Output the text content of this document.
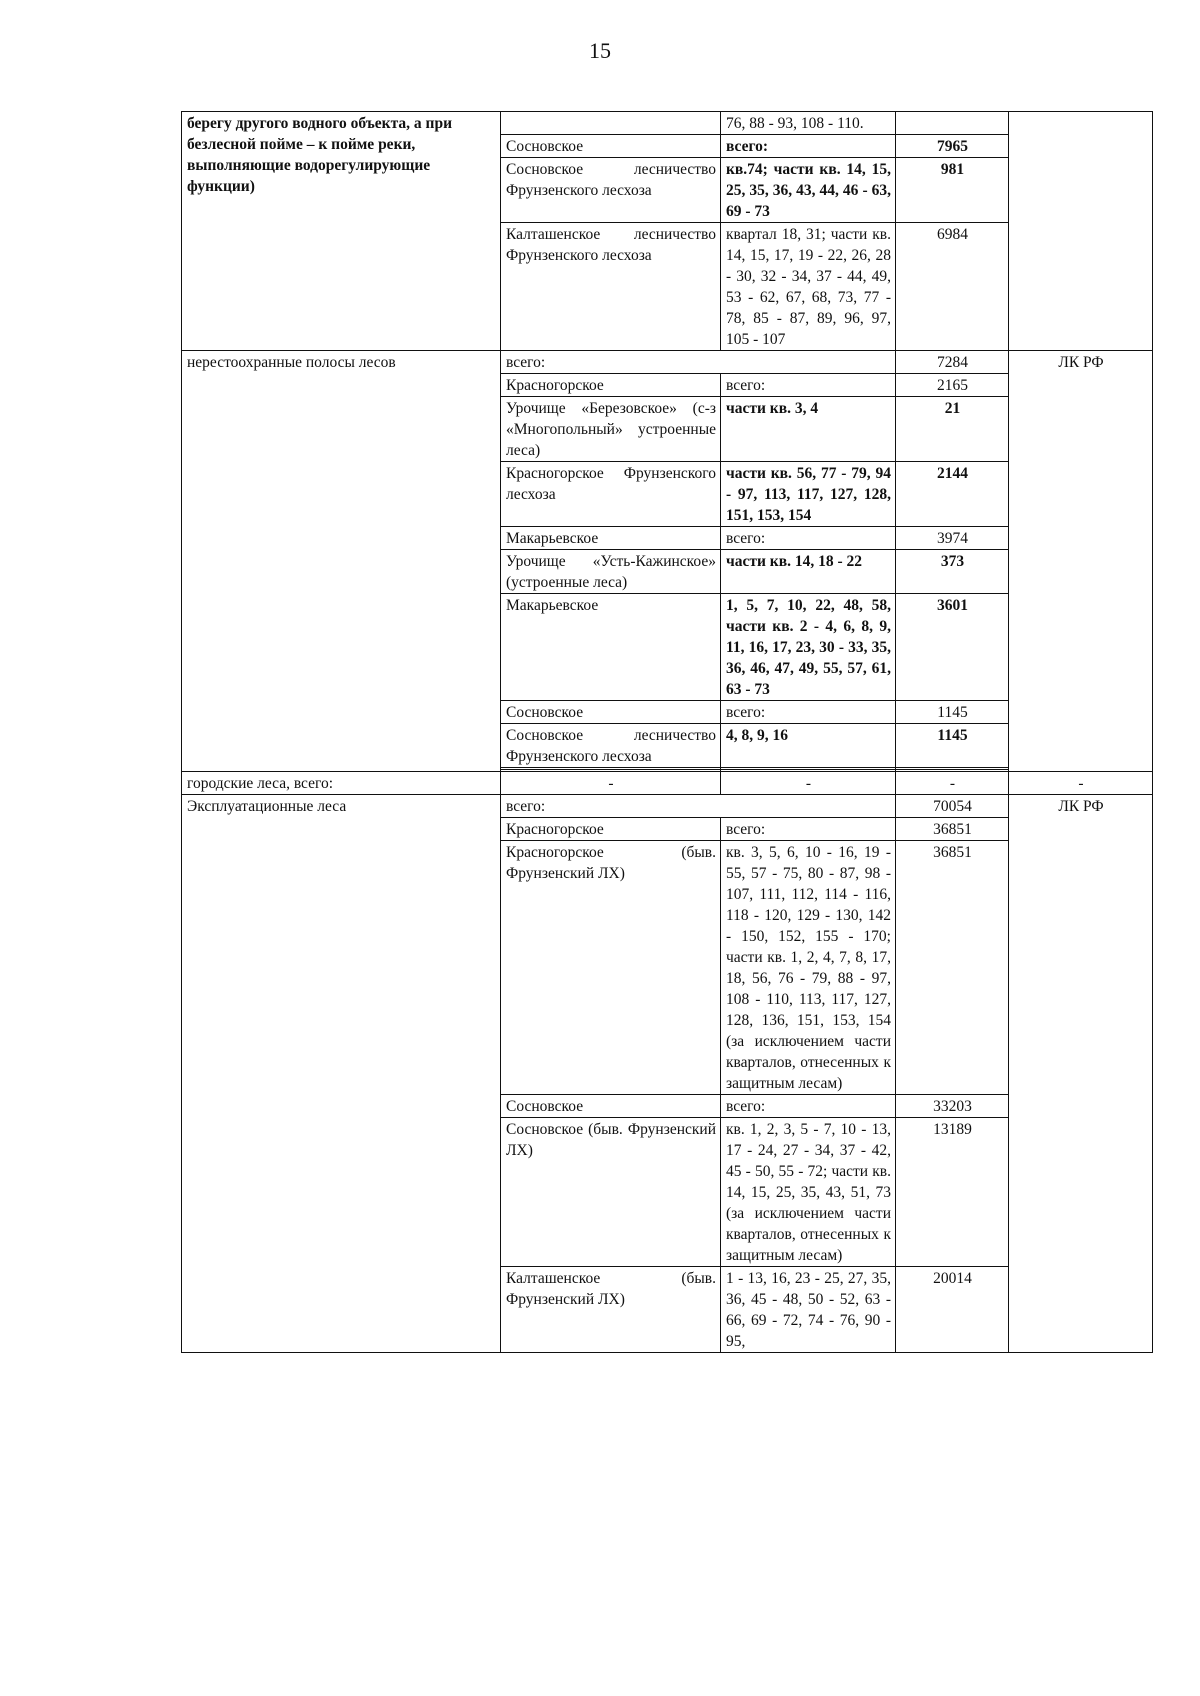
15
берегу другого водного объекта, а при безлесной пойме – к пойме реки, выполняющие водорегулирующие функции)		76, 88 - 93, 108 - 110.		
	Сосновское	всего:	7965	
	Сосновское лесничество Фрунзенского лесхоза	кв.74; части кв. 14, 15, 25, 35, 36, 43, 44, 46 - 63, 69 - 73	981	
	Калташенское лесничество Фрунзенского лесхоза	квартал 18, 31; части кв. 14, 15, 17, 19 - 22, 26, 28 - 30, 32 - 34, 37 - 44, 49, 53 - 62, 67, 68, 73, 77 - 78, 85 - 87, 89, 96, 97, 105 - 107	6984	
нерестоохранные полосы лесов	всего:		7284	ЛК РФ
	Красногорское	всего:	2165	
	Урочище «Березовское» (с-з «Многопольный» устроенные леса)	части кв. 3, 4	21	
	Красногорское Фрунзенского лесхоза	части кв. 56, 77 - 79, 94 - 97, 113, 117, 127, 128, 151, 153, 154	2144	
	Макарьевское	всего:	3974	
	Урочище «Усть-Кажинское» (устроенные леса)	части кв. 14, 18 - 22	373	
	Макарьевское	1, 5, 7, 10, 22, 48, 58, части кв. 2 - 4, 6, 8, 9, 11, 16, 17, 23, 30 - 33, 35, 36, 46, 47, 49, 55, 57, 61, 63 - 73	3601	
	Сосновское	всего:	1145	
	Сосновское лесничество Фрунзенского лесхоза	4, 8, 9, 16	1145	

городские леса, всего:	-	-	-	-
Эксплуатационные леса	всего:		70054	ЛК РФ
	Красногорское	всего:	36851	
	Красногорское (быв. Фрунзенский ЛХ)	кв. 3, 5, 6, 10 - 16, 19 - 55, 57 - 75, 80 - 87, 98 - 107, 111, 112, 114 - 116, 118 - 120, 129 - 130, 142 - 150, 152, 155 - 170; части кв. 1, 2, 4, 7, 8, 17, 18, 56, 76 - 79, 88 - 97, 108 - 110, 113, 117, 127, 128, 136, 151, 153, 154 (за исключением части кварталов, отнесенных к защитным лесам)	36851	
	Сосновское	всего:	33203	
	Сосновское (быв. Фрунзенский ЛХ)	кв. 1, 2, 3, 5 - 7, 10 - 13, 17 - 24, 27 - 34, 37 - 42, 45 - 50, 55 - 72; части кв. 14, 15, 25, 35, 43, 51, 73 (за исключением части кварталов, отнесенных к защитным лесам)	13189	
	Калташенское (быв. Фрунзенский ЛХ)	1 - 13, 16, 23 - 25, 27, 35, 36, 45 - 48, 50 - 52, 63 - 66, 69 - 72, 74 - 76, 90 - 95,	20014	
